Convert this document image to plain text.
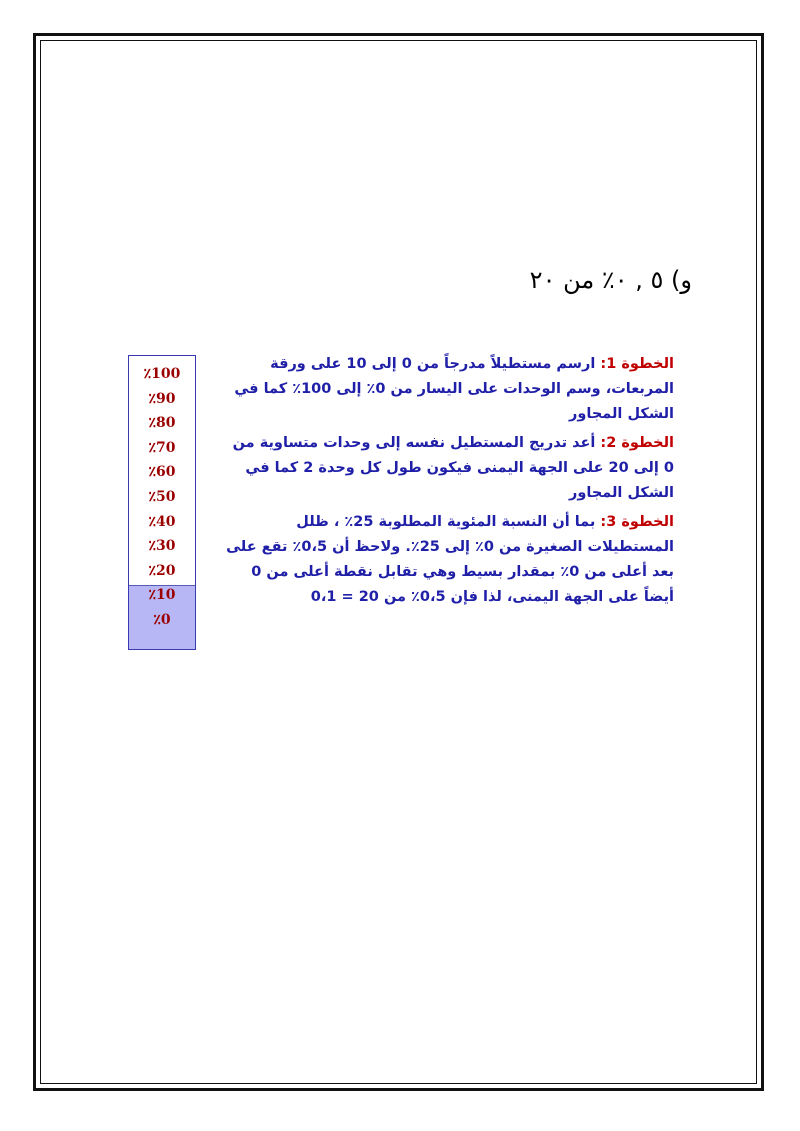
و) ٥ , ٠٪ من ٢٠

الخطوة 1: ارسم مستطيلاً مدرجاً من 0 إلى 10 على ورقة المربعات، وسم الوحدات على اليسار من 0٪ إلى 100٪ كما في الشكل المجاور

الخطوة 2: أعد تدريج المستطيل نفسه إلى وحدات متساوية من 0 إلى 20 على الجهة اليمنى فيكون طول كل وحدة 2 كما في الشكل المجاور

الخطوة 3: بما أن النسبة المئوية المطلوبة 25٪ ، ظلل المستطيلات الصغيرة من 0٪ إلى 25٪. ولاحظ أن 0،5٪ تقع على بعد أعلى من 0٪ بمقدار بسيط وهي تقابل نقطة أعلى من 0 أيضاً على الجهة اليمنى، لذا فإن 0،5٪ من 20 = 0،1

٪100
٪90
٪80
٪70
٪60
٪50
٪40
٪30
٪20
٪10
٪0
